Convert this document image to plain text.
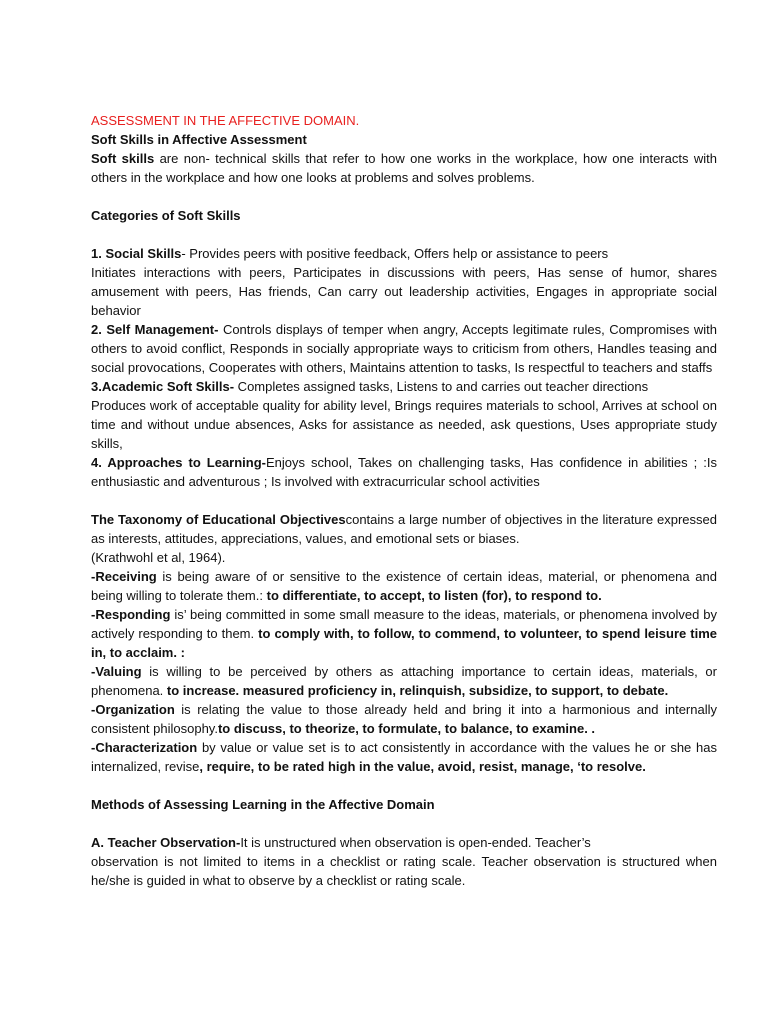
ASSESSMENT IN THE AFFECTIVE DOMAIN.

Soft Skills in Affective Assessment

Soft skills are non- technical skills that refer to how one works in the workplace, how one interacts with others in the workplace and how one looks at problems and solves problems.

Categories of Soft Skills

1. Social Skills- Provides peers with positive feedback, Offers help or assistance to peers

Initiates interactions with peers, Participates in discussions with peers, Has sense of humor, shares amusement with peers, Has friends, Can carry out leadership activities, Engages in appropriate social behavior

2. Self Management- Controls displays of temper when angry, Accepts legitimate rules, Compromises with others to avoid conflict, Responds in socially appropriate ways to criticism from others, Handles teasing and social provocations, Cooperates with others, Maintains attention to tasks, Is respectful to teachers and staffs

3.Academic Soft Skills- Completes assigned tasks, Listens to and carries out teacher directions

Produces work of acceptable quality for ability level, Brings requires materials to school, Arrives at school on time and without undue absences, Asks for assistance as needed, ask questions, Uses appropriate study skills,

4. Approaches to Learning-Enjoys school, Takes on challenging tasks, Has confidence in abilities ; :Is enthusiastic and adventurous ; Is involved with extracurricular school activities

The Taxonomy of Educational Objectivescontains a large number of objectives in the literature expressed as interests, attitudes, appreciations, values, and emotional sets or biases.

(Krathwohl et al, 1964).

-Receiving is being aware of or sensitive to the existence of certain ideas, material, or phenomena and being willing to tolerate them.: to differentiate, to accept, to listen (for), to respond to.

-Responding is’ being committed in some small measure to the ideas, materials, or phenomena involved by actively responding to them. to comply with, to follow, to commend, to volunteer, to spend leisure time in, to acclaim. :

-Valuing is willing to be perceived by others as attaching importance to certain ideas, materials, or phenomena. to increase. measured proficiency in, relinquish, subsidize, to support, to debate.

-Organization is relating the value to those already held and bring it into a harmonious and internally consistent philosophy.to discuss, to theorize, to formulate, to balance, to examine. .

-Characterization by value or value set is to act consistently in accordance with the values he or she has internalized, revise, require, to be rated high in the value, avoid, resist, manage, ‘to resolve.

Methods of Assessing Learning in the Affective Domain

A. Teacher Observation-It is unstructured when observation is open-ended. Teacher’s

observation is not limited to items in a checklist or rating scale. Teacher observation is structured when he/she is guided in what to observe by a checklist or rating scale.
